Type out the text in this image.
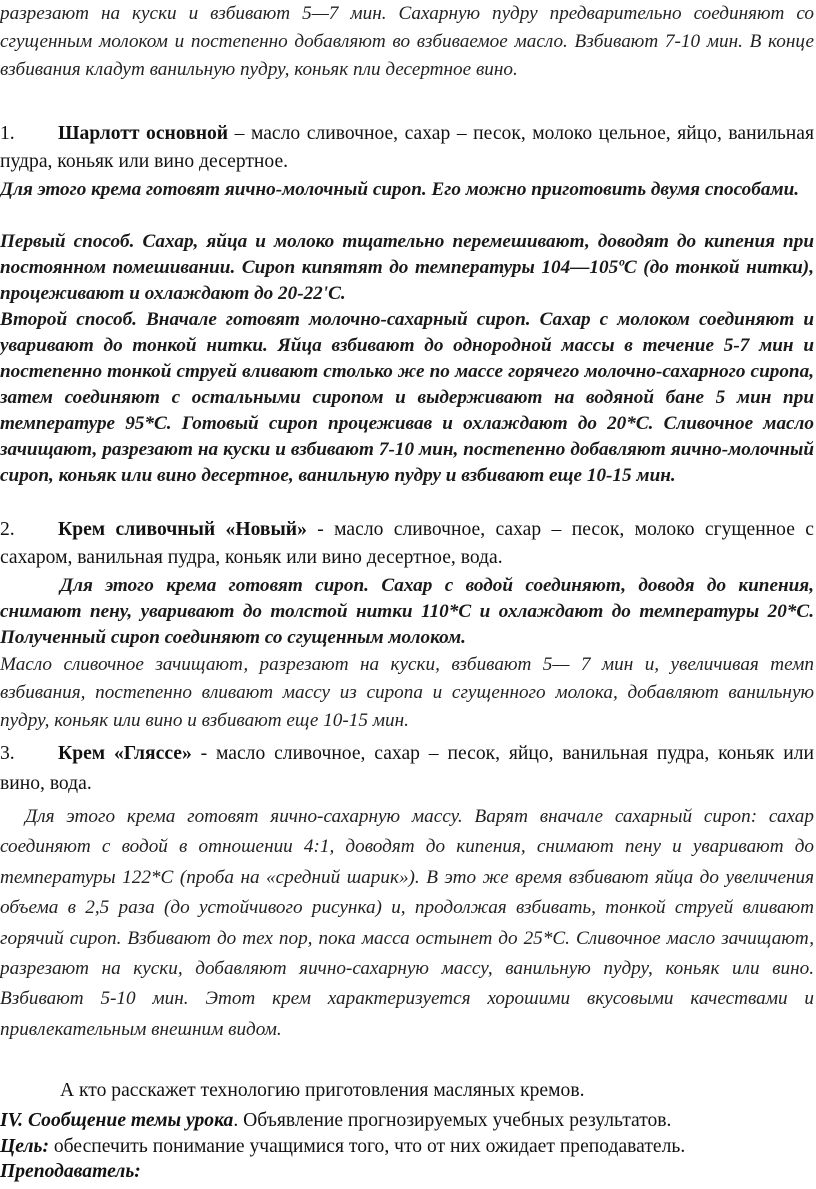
разрезают на куски и взбивают 5—7 мин. Сахарную пудру предварительно соединяют со сгущенным молоком и постепенно добавляют во взбиваемое масло. Взбивают 7-10 мин. В конце взбивания кладут ванильную пудру, коньяк пли десертное вино.

1. Шарлотт основной – масло сливочное, сахар – песок, молоко цельное, яйцо, ванильная пудра, коньяк или вино десертное.

Для этого крема готовят яично-молочный сироп. Его можно приготовить двумя способами.

Первый способ. Сахар, яйца и молоко тщательно перемешивают, доводят до кипения при постоянном помешивании. Сироп кипятят до температуры 104—105ºС (до тонкой нитки), процеживают и охлаждают до 20-22'С.

Второй способ. Вначале готовят молочно-сахарный сироп. Сахар с молоком соединяют и уваривают до тонкой нитки. Яйца взбивают до однородной массы в течение 5-7 мин и постепенно тонкой струей вливают столько же по массе горячего молочно-сахарного сиропа, затем соединяют с остальными сиропом и выдерживают на водяной бане 5 мин при температуре 95*С. Готовый сироп процеживав и охлаждают до 20*С. Сливочное масло зачищают, разрезают на куски и взбивают 7-10 мин, постепенно добавляют яично-молочный сироп, коньяк или вино десертное, ванильную пудру и взбивают еще 10-15 мин.

2. Крем сливочный «Новый» - масло сливочное, сахар – песок, молоко сгущенное с сахаром, ванильная пудра, коньяк или вино десертное, вода.

Для этого крема готовят сироп. Сахар с водой соединяют, доводя до кипения, снимают пену, уваривают до толстой нитки 110*С и охлаждают до температуры 20*С. Полученный сироп соединяют со сгущенным молоком.

Масло сливочное зачищают, разрезают на куски, взбивают 5— 7 мин и, увеличивая темп взбивания, постепенно вливают массу из сиропа и сгущенного молока, добавляют ванильную пудру, коньяк или вино и взбивают еще 10-15 мин.

3. Крем «Гляссе» - масло сливочное, сахар – песок, яйцо, ванильная пудра, коньяк или вино, вода.

Для этого крема готовят яично-сахарную массу. Варят вначале сахарный сироп: сахар соединяют с водой в отношении 4:1, доводят до кипения, снимают пену и уваривают до температуры 122*С (проба на «средний шарик»). В это же время взбивают яйца до увеличения объема в 2,5 раза (до устойчивого рисунка) и, продолжая взбивать, тонкой струей вливают горячий сироп. Взбивают до тех пор, пока масса остынет до 25*С. Сливочное масло зачищают, разрезают на куски, добавляют яично-сахарную массу, ванильную пудру, коньяк или вино. Взбивают 5-10 мин. Этот крем характеризуется хорошими вкусовыми качествами и привлекательным внешним видом.

А кто расскажет технологию приготовления масляных кремов.

IV. Сообщение темы урока. Объявление прогнозируемых учебных результатов.

Цель: обеспечить понимание учащимися того, что от них ожидает преподаватель.

Преподаватель:
